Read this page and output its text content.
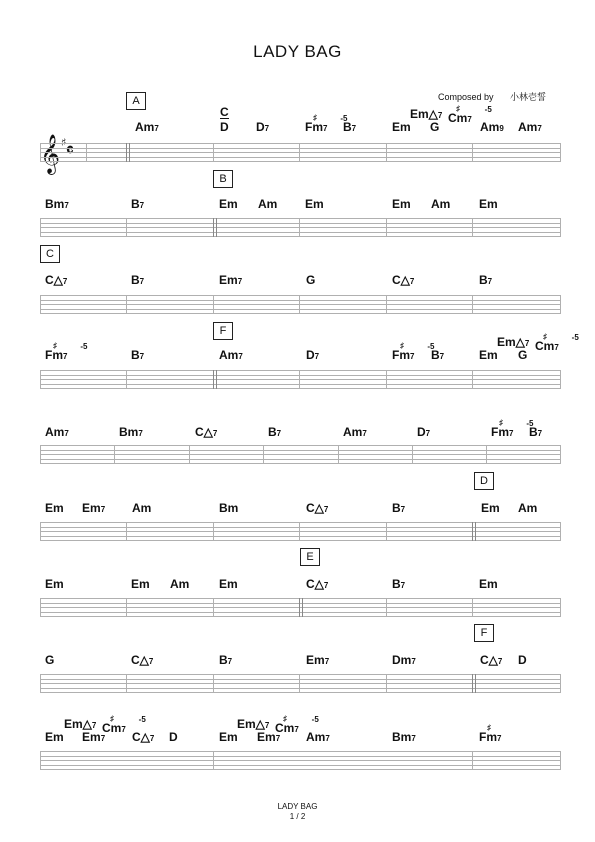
LADY BAG
Composed by 小林壱誓
𝄞 ♯ 𝄴
Am7
C
D D7	F
♯
m7
-5
B7	Em G
Em△7 C
♯
m7
-5
Am9 Am7
Bm7	B7	Em Am Em	Em Am Em
C△7	B7	Em7	G	C△7	B7
F
♯
m7
-5
B7	Am7	D7	F
♯
m7
-5
B7	Em G
Em△7 C
♯
m7
-5
Am7	Bm7	C△7	B7	Am7	D7	F
♯
m7
-5
B7
Em Em7 Am	Bm	C△7	B7	Em Am
Em	Em Am Em	C△7	B7	Em
G	C△7	B7	Em7	Dm7	C△7 D
Em Em7 C△7 D	Em Em7 Am7	Bm7	F
♯
m7
Em△7 C
♯
m7
-5	Em△7 C
♯
m7
-5
A
B
C
F
D
E
F
LADY BAG
1 / 2
